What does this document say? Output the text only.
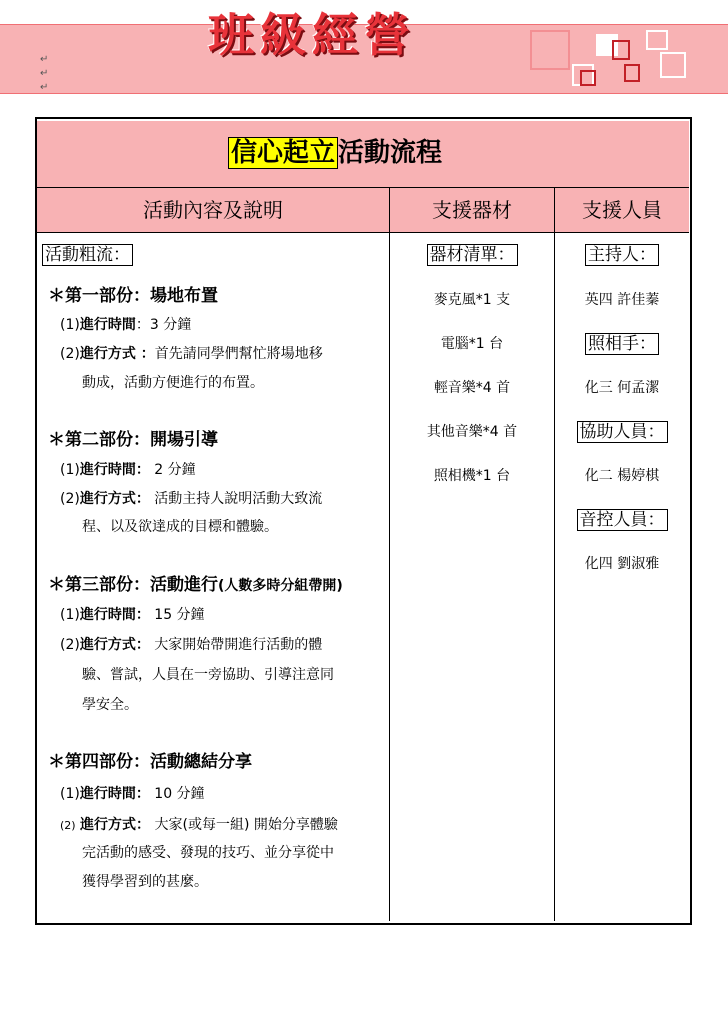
↵
↵
↵
班級經營
信心起立 活動流程
活動內容及說明	支援器材	支援人員
活動粗流：
＊第一部份：場地布置
(1)進行時間：3 分鐘
(2)進行方式 ：首先請同學們幫忙將場地移
動成，活動方便進行的布置。
＊第二部份：開場引導
(1)進行時間： 2 分鐘
(2)進行方式： 活動主持人說明活動大致流
程、以及欲達成的目標和體驗。
＊第三部份：活動進行(人數多時分組帶開)
(1)進行時間： 15 分鐘
(2)進行方式： 大家開始帶開進行活動的體
驗、嘗試，人員在一旁協助、引導注意同
學安全。
＊第四部份：活動總結分享
(1)進行時間： 10 分鐘
(2) 進行方式： 大家(或每一組) 開始分享體驗
完活動的感受、發現的技巧、並分享從中
獲得學習到的甚麼。
器材清單：
麥克風*1 支
電腦*1 台
輕音樂*4 首
其他音樂*4 首
照相機*1 台
主持人：
英四 許佳蓁
照相手：
化三 何孟潔
協助人員：
化二 楊婷棋
音控人員：
化四 劉淑雅
